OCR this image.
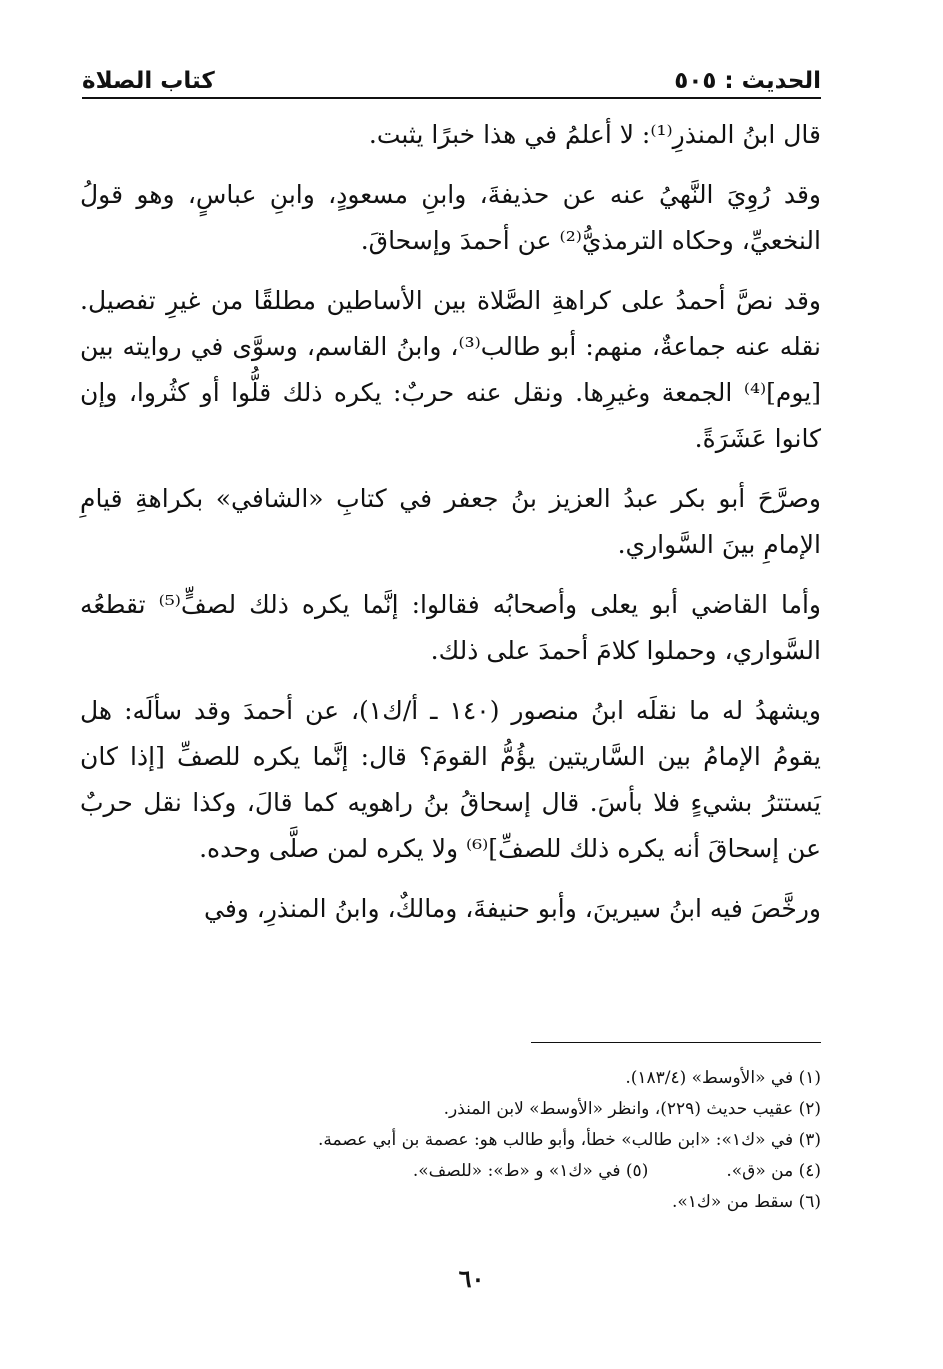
الحديث : ٥٠٥
كتاب الصلاة

قال ابنُ المنذرِ⁽¹⁾: لا أعلمُ في هذا خبرًا يثبت.

وقد رُوِيَ النَّهيُ عنه عن حذيفةَ، وابنِ مسعودٍ، وابنِ عباسٍ، وهو قولُ النخعيِّ، وحكاه الترمذيُّ⁽²⁾ عن أحمدَ وإسحاقَ.

وقد نصَّ أحمدُ على كراهةِ الصَّلاة بين الأساطين مطلقًا من غيرِ تفصيل. نقله عنه جماعةٌ، منهم: أبو طالب⁽³⁾، وابنُ القاسم، وسوَّى في روايته بين [يوم]⁽⁴⁾ الجمعة وغيرِها. ونقل عنه حربٌ: يكره ذلك قلُّوا أو كثُروا، وإن كانوا عَشَرَةً.

وصرَّحَ أبو بكر عبدُ العزيز بنُ جعفر في كتابِ «الشافي» بكراهةِ قيامِ الإمامِ بينَ السَّواري.

وأما القاضي أبو يعلى وأصحابُه فقالوا: إنَّما يكره ذلك لصفٍّ⁽⁵⁾ تقطعُه السَّواري، وحملوا كلامَ أحمدَ على ذلك.

ويشهدُ له ما نقلَه ابنُ منصور (١٤٠ ـ أ/ك١)، عن أحمدَ وقد سألَه: هل يقومُ الإمامُ بين السَّاريتين يؤُمُّ القومَ؟ قال: إنَّما يكره للصفِّ [إذا كان يَستترُ بشيءٍ فلا بأسَ. قال إسحاقُ بنُ راهويه كما قالَ، وكذا نقل حربٌ عن إسحاقَ أنه يكره ذلك للصفِّ]⁽⁶⁾ ولا يكره لمن صلَّى وحده.

ورخَّصَ فيه ابنُ سيرينَ، وأبو حنيفةَ، ومالكٌ، وابنُ المنذرِ، وفي

(١) في «الأوسط» (١٨٣/٤).
(٢) عقيب حديث (٢٢٩)، وانظر «الأوسط» لابن المنذر.
(٣) في «ك١»: «ابن طالب» خطأ، وأبو طالب هو: عصمة بن أبي عصمة.
(٤) من «ق».
(٥) في «ك١» و «ط»: «للصف».
(٦) سقط من «ك١».
٦٠
